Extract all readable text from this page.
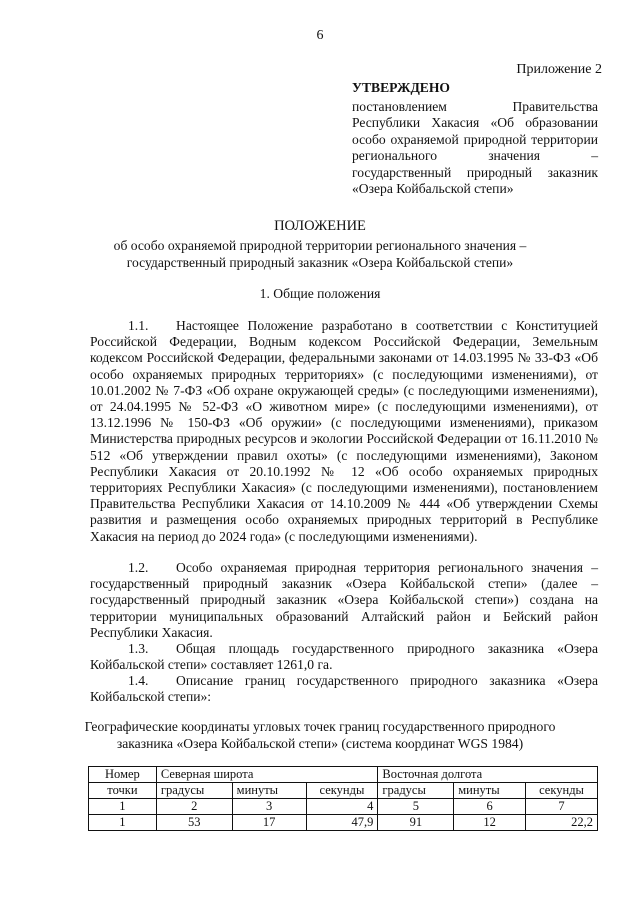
6
Приложение 2
УТВЕРЖДЕНО
постановлением Правительства Республики Хакасия «Об образовании особо охраняемой природной территории регионального значения – государственный природный заказник «Озера Койбальской степи»
ПОЛОЖЕНИЕ
об особо охраняемой природной территории регионального значения – государственный природный заказник «Озера Койбальской степи»
1. Общие положения
1.1. Настоящее Положение разработано в соответствии с Конституцией Российской Федерации, Водным кодексом Российской Федерации, Земельным кодексом Российской Федерации, федеральными законами от 14.03.1995 № 33-ФЗ «Об особо охраняемых природных территориях» (с последующими изменениями), от 10.01.2002 № 7-ФЗ «Об охране окружающей среды» (с последующими изменениями), от 24.04.1995 № 52-ФЗ «О животном мире» (с последующими изменениями), от 13.12.1996 № 150-ФЗ «Об оружии» (с последующими изменениями), приказом Министерства природных ресурсов и экологии Российской Федерации от 16.11.2010 № 512 «Об утверждении правил охоты» (с последующими изменениями), Законом Республики Хакасия от 20.10.1992 № 12 «Об особо охраняемых природных территориях Республики Хакасия» (с последующими изменениями), постановлением Правительства Республики Хакасия от 14.10.2009 № 444 «Об утверждении Схемы развития и размещения особо охраняемых природных территорий в Республике Хакасия на период до 2024 года» (с последующими изменениями).
1.2. Особо охраняемая природная территория регионального значения – государственный природный заказник «Озера Койбальской степи» (далее – государственный природный заказник «Озера Койбальской степи») создана на территории муниципальных образований Алтайский район и Бейский район Республики Хакасия.
1.3. Общая площадь государственного природного заказника «Озера Койбальской степи» составляет 1261,0 га.
1.4. Описание границ государственного природного заказника «Озера Койбальской степи»:
Географические координаты угловых точек границ государственного природного заказника «Озера Койбальской степи» (система координат WGS 1984)
Номер	Северная широта			Восточная долгота		
точки	градусы	минуты	секунды	градусы	минуты	секунды
1	2	3	4	5	6	7
1	53	17	47,9	91	12	22,2
